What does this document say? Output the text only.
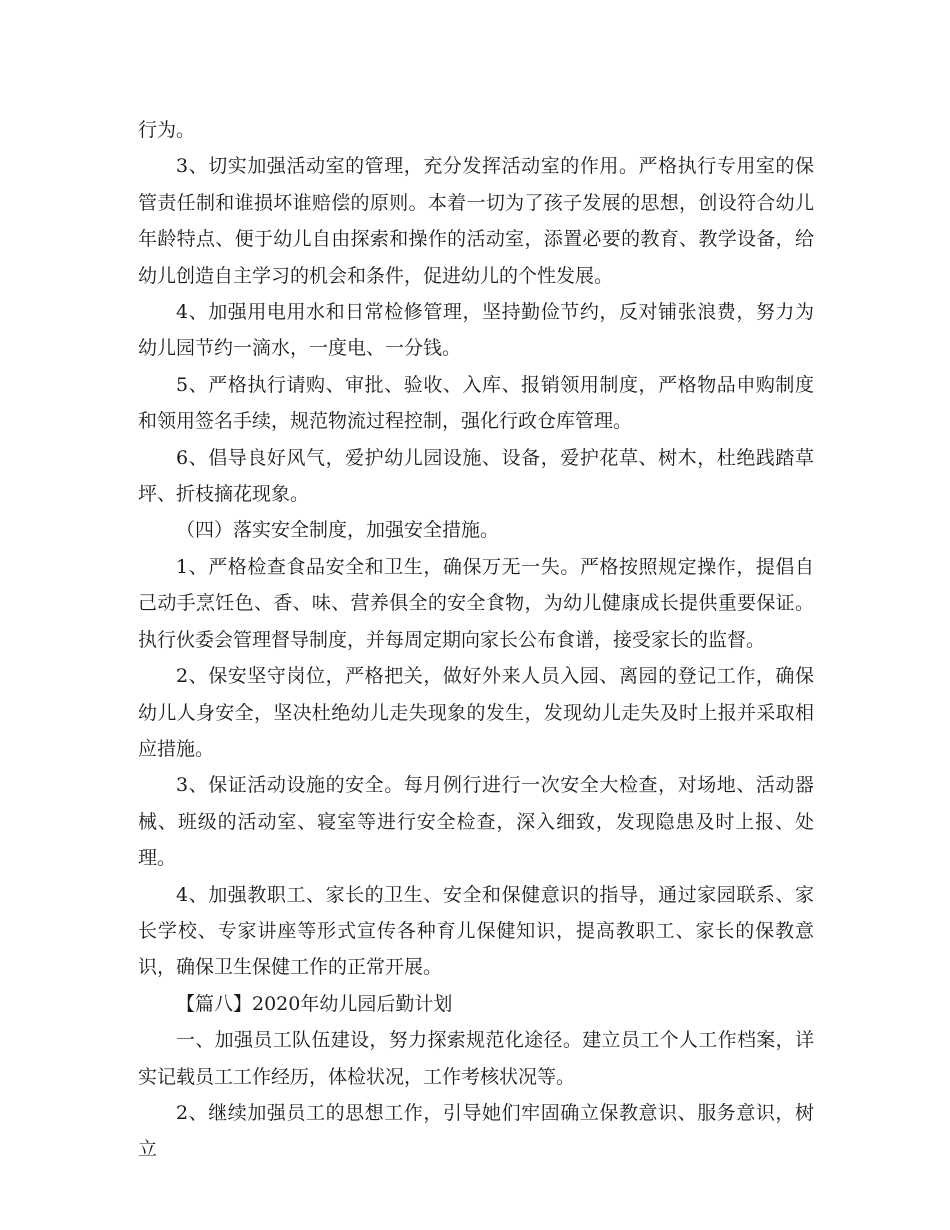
行为。

3、切实加强活动室的管理，充分发挥活动室的作用。严格执行专用室的保管责任制和谁损坏谁赔偿的原则。本着一切为了孩子发展的思想，创设符合幼儿年龄特点、便于幼儿自由探索和操作的活动室，添置必要的教育、教学设备，给幼儿创造自主学习的机会和条件，促进幼儿的个性发展。

4、加强用电用水和日常检修管理，坚持勤俭节约，反对铺张浪费，努力为幼儿园节约一滴水，一度电、一分钱。

5、严格执行请购、审批、验收、入库、报销领用制度，严格物品申购制度和领用签名手续，规范物流过程控制，强化行政仓库管理。

6、倡导良好风气，爱护幼儿园设施、设备，爱护花草、树木，杜绝践踏草坪、折枝摘花现象。

（四）落实安全制度，加强安全措施。

1、严格检查食品安全和卫生，确保万无一失。严格按照规定操作，提倡自己动手烹饪色、香、味、营养俱全的安全食物，为幼儿健康成长提供重要保证。执行伙委会管理督导制度，并每周定期向家长公布食谱，接受家长的监督。

2、保安坚守岗位，严格把关，做好外来人员入园、离园的登记工作，确保幼儿人身安全，坚决杜绝幼儿走失现象的发生，发现幼儿走失及时上报并采取相应措施。

3、保证活动设施的安全。每月例行进行一次安全大检查，对场地、活动器械、班级的活动室、寝室等进行安全检查，深入细致，发现隐患及时上报、处理。

4、加强教职工、家长的卫生、安全和保健意识的指导，通过家园联系、家长学校、专家讲座等形式宣传各种育儿保健知识，提高教职工、家长的保教意识，确保卫生保健工作的正常开展。

【篇八】2020年幼儿园后勤计划

一、加强员工队伍建设，努力探索规范化途径。建立员工个人工作档案，详实记载员工工作经历，体检状况，工作考核状况等。

2、继续加强员工的思想工作，引导她们牢固确立保教意识、服务意识，树立
